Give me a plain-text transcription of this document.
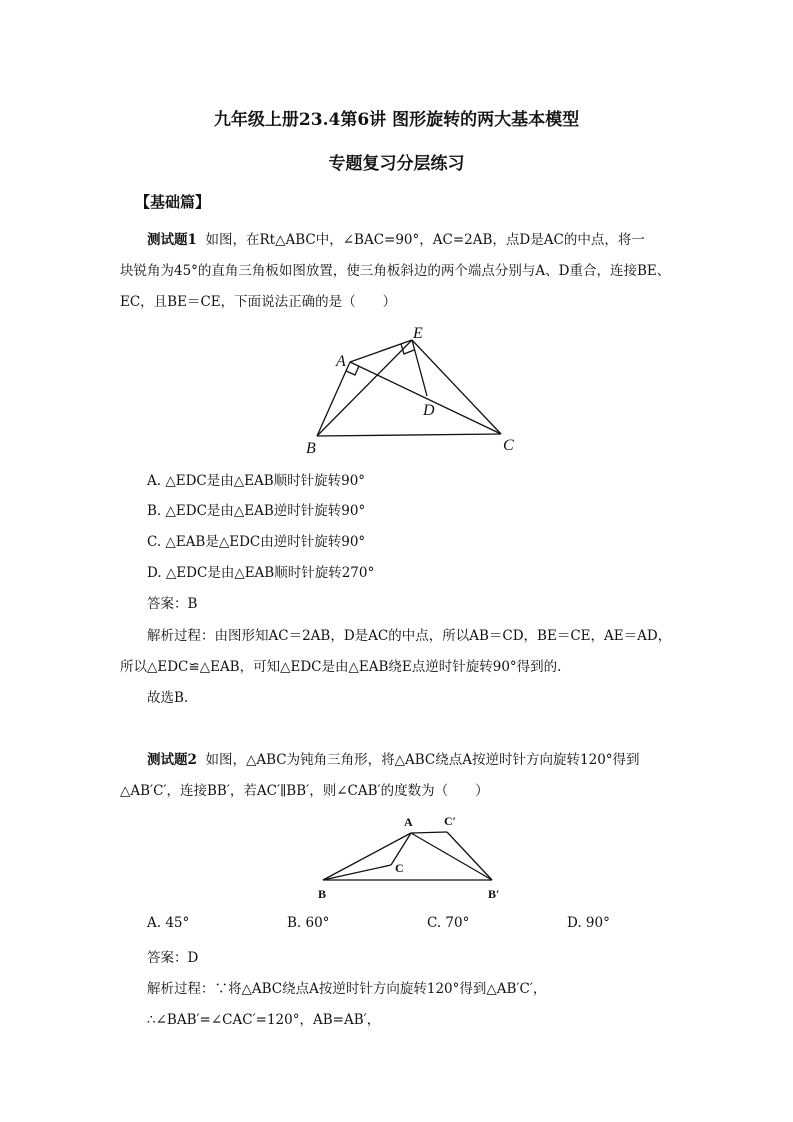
九年级上册23.4第6讲 图形旋转的两大基本模型
专题复习分层练习
【基础篇】
测试题1 如图，在Rt△ABC中，∠BAC=90°，AC=2AB，点D是AC的中点，将一
块锐角为45°的直角三角板如图放置，使三角板斜边的两个端点分别与A、D重合，连接BE、
EC，且BE＝CE，下面说法正确的是（　　）
A
B	C
D
E
A. △EDC是由△EAB顺时针旋转90°
B. △EDC是由△EAB逆时针旋转90°
C. △EAB是△EDC由逆时针旋转90°
D. △EDC是由△EAB顺时针旋转270°
答案：B
解析过程：由图形知AC＝2AB，D是AC的中点，所以AB＝CD，BE＝CE，AE＝AD，
所以△EDC≌△EAB，可知△EDC是由△EAB绕E点逆时针旋转90°得到的.
故选B.
测试题2 如图，△ABC为钝角三角形，将△ABC绕点A按逆时针方向旋转120°得到
△AB′C′，连接BB′，若AC′∥BB′，则∠CAB′的度数为（　　）
A
B
C
B′
C′
A. 45°	B. 60°	C. 70°	D. 90°
答案：D
解析过程：∵将△ABC绕点A按逆时针方向旋转120°得到△AB′C′，
∴∠BAB′=∠CAC′=120°，AB=AB′，
